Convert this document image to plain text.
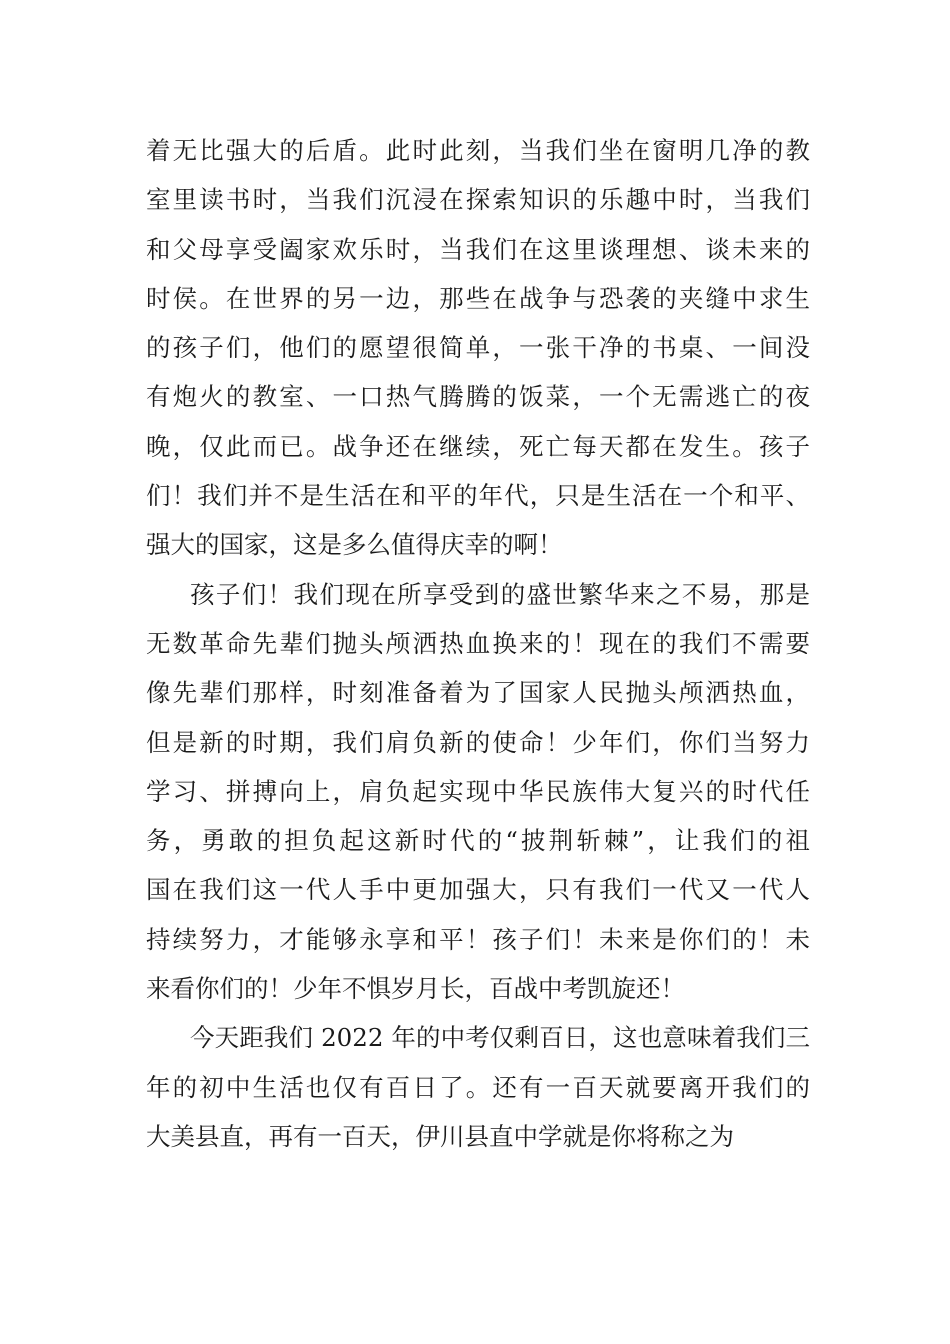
着无比强大的后盾。此时此刻，当我们坐在窗明几净的教
室里读书时，当我们沉浸在探索知识的乐趣中时，当我们
和父母享受阖家欢乐时，当我们在这里谈理想、谈未来的
时侯。在世界的另一边，那些在战争与恐袭的夹缝中求生
的孩子们，他们的愿望很简单，一张干净的书桌、一间没
有炮火的教室、一口热气腾腾的饭菜，一个无需逃亡的夜
晚，仅此而已。战争还在继续，死亡每天都在发生。孩子
们！我们并不是生活在和平的年代，只是生活在一个和平、
强大的国家，这是多么值得庆幸的啊！
孩子们！我们现在所享受到的盛世繁华来之不易，那是
无数革命先辈们抛头颅洒热血换来的！现在的我们不需要
像先辈们那样，时刻准备着为了国家人民抛头颅洒热血，
但是新的时期，我们肩负新的使命！少年们，你们当努力
学习、拼搏向上，肩负起实现中华民族伟大复兴的时代任
务，勇敢的担负起这新时代的“披荆斩棘”，让我们的祖
国在我们这一代人手中更加强大，只有我们一代又一代人
持续努力，才能够永享和平！孩子们！未来是你们的！未
来看你们的！少年不惧岁月长，百战中考凯旋还！
今天距我们 2022 年的中考仅剩百日，这也意味着我们三
年的初中生活也仅有百日了。还有一百天就要离开我们的
大美县直，再有一百天，伊川县直中学就是你将称之为
